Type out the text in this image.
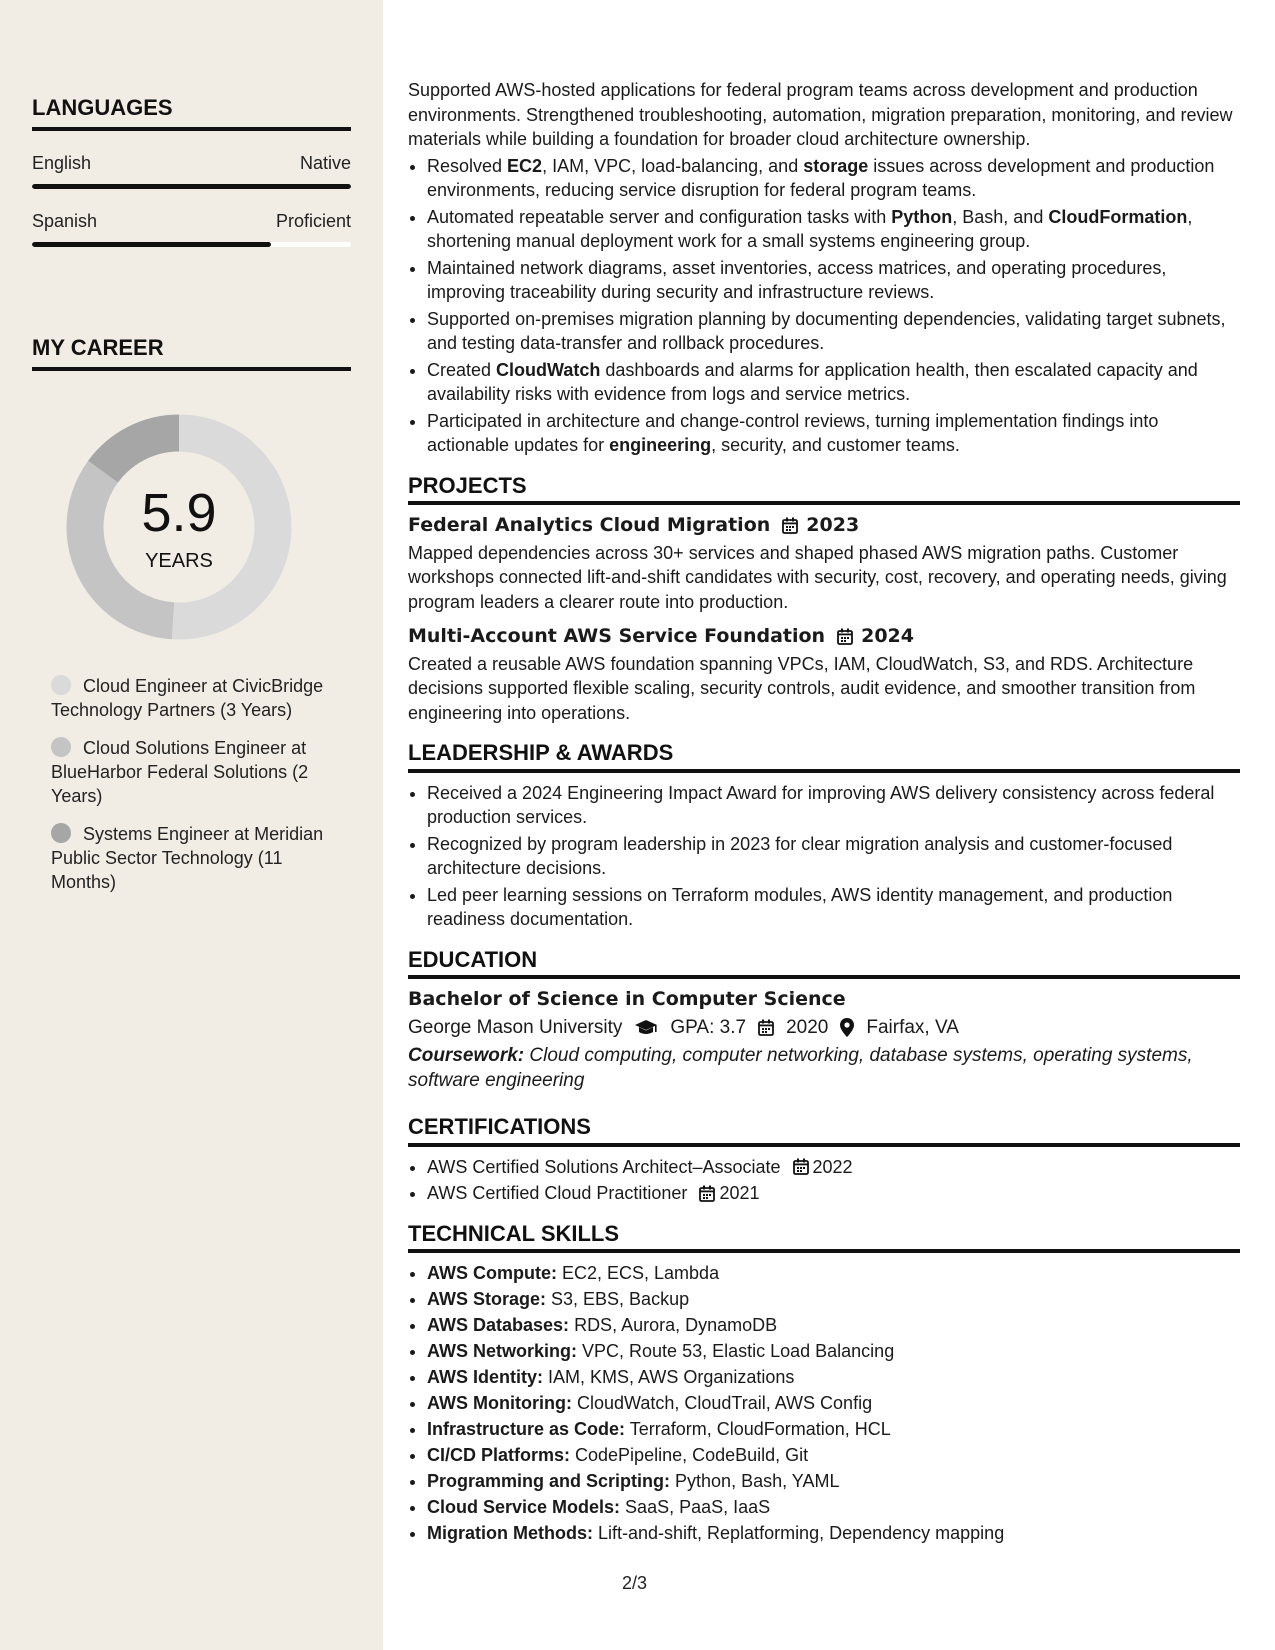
LANGUAGES
English	Native
Spanish	Proficient
MY CAREER
5.9
YEARS
Cloud Engineer at CivicBridge Technology Partners (3 Years)
Cloud Solutions Engineer at BlueHarbor Federal Solutions (2 Years)
Systems Engineer at Meridian Public Sector Technology (11 Months)

Supported AWS-hosted applications for federal program teams across development and production environments. Strengthened troubleshooting, automation, migration preparation, monitoring, and review materials while building a foundation for broader cloud architecture ownership.

• Resolved EC2, IAM, VPC, load-balancing, and storage issues across development and production environments, reducing service disruption for federal program teams.
• Automated repeatable server and configuration tasks with Python, Bash, and CloudFormation, shortening manual deployment work for a small systems engineering group.
• Maintained network diagrams, asset inventories, access matrices, and operating procedures, improving traceability during security and infrastructure reviews.
• Supported on-premises migration planning by documenting dependencies, validating target subnets, and testing data-transfer and rollback procedures.
• Created CloudWatch dashboards and alarms for application health, then escalated capacity and availability risks with evidence from logs and service metrics.
• Participated in architecture and change-control reviews, turning implementation findings into actionable updates for engineering, security, and customer teams.
PROJECTS
Federal Analytics Cloud Migration 2023

Mapped dependencies across 30+ services and shaped phased AWS migration paths. Customer workshops connected lift-and-shift candidates with security, cost, recovery, and operating needs, giving program leaders a clearer route into production.

Multi-Account AWS Service Foundation 2024

Created a reusable AWS foundation spanning VPCs, IAM, CloudWatch, S3, and RDS. Architecture decisions supported flexible scaling, security controls, audit evidence, and smoother transition from engineering into operations.

LEADERSHIP & AWARDS
• Received a 2024 Engineering Impact Award for improving AWS delivery consistency across federal production services.
• Recognized by program leadership in 2023 for clear migration analysis and customer-focused architecture decisions.
• Led peer learning sessions on Terraform modules, AWS identity management, and production readiness documentation.
EDUCATION
Bachelor of Science in Computer Science
George Mason University	GPA: 3.7 2020 Fairfax, VA
Coursework: Cloud computing, computer networking, database systems, operating systems, software engineering
CERTIFICATIONS
• AWS Certified Solutions Architect–Associate 2022
• AWS Certified Cloud Practitioner 2021
TECHNICAL SKILLS
• AWS Compute: EC2, ECS, Lambda
• AWS Storage: S3, EBS, Backup
• AWS Databases: RDS, Aurora, DynamoDB
• AWS Networking: VPC, Route 53, Elastic Load Balancing
• AWS Identity: IAM, KMS, AWS Organizations
• AWS Monitoring: CloudWatch, CloudTrail, AWS Config
• Infrastructure as Code: Terraform, CloudFormation, HCL
• CI/CD Platforms: CodePipeline, CodeBuild, Git
• Programming and Scripting: Python, Bash, YAML
• Cloud Service Models: SaaS, PaaS, IaaS
• Migration Methods: Lift-and-shift, Replatforming, Dependency mapping
2/3
